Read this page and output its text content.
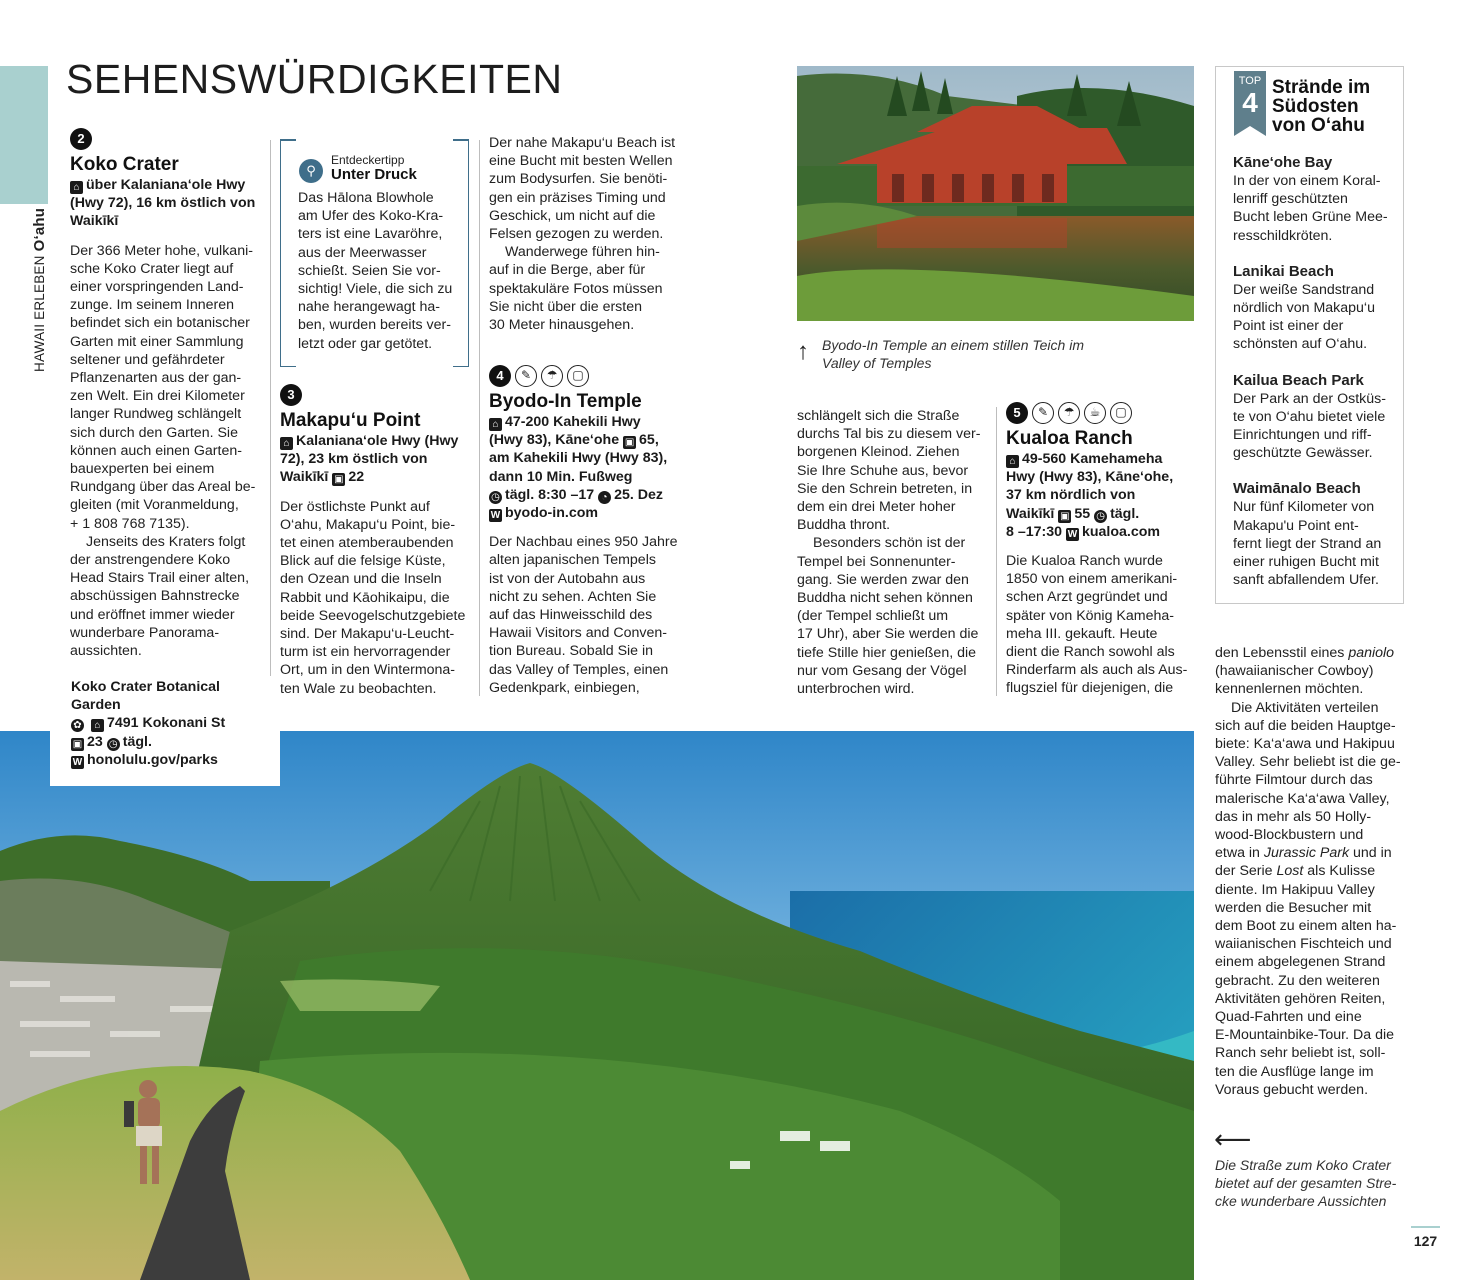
HAWAII ERLEBENO‘ahu
SEHENSWÜRDIGKEITEN
2
Koko Crater
⌂ über Kalaniana‘ole Hwy
(Hwy 72), 16 km östlich von
Waikīkī
Der 366 Meter hohe, vulkani-
sche Koko Crater liegt auf
einer vorspringenden Land-
zunge. Im seinem Inneren
befindet sich ein botanischer
Garten mit einer Sammlung
seltener und gefährdeter
Pflanzenarten aus der gan-
zen Welt. Ein drei Kilometer
langer Rundweg schlängelt
sich durch den Garten. Sie
können auch einen Garten-
bauexperten bei einem
Rundgang über das Areal be-
gleiten (mit Voranmeldung,
+ 1 808 768 7135).
Jenseits des Kraters folgt
der anstrengendere Koko
Head Stairs Trail einer alten,
abschüssigen Bahnstrecke
und eröffnet immer wieder
wunderbare Panorama-
aussichten.
Koko Crater Botanical
Garden
✿ ⌂ 7491 Kokonani St
▣ 23 ◷ tägl.
W honolulu.gov/parks
⚲
Entdeckertipp
Unter Druck
Das Hālona Blowhole
am Ufer des Koko-Kra-
ters ist eine Lavaröhre,
aus der Meerwasser
schießt. Seien Sie vor-
sichtig! Viele, die sich zu
nahe herangewagt ha-
ben, wurden bereits ver-
letzt oder gar getötet.
3
Makapu‘u Point
⌂ Kalaniana‘ole Hwy (Hwy
72), 23 km östlich von
Waikīkī ▣ 22
Der östlichste Punkt auf
O‘ahu, Makapu‘u Point, bie-
tet einen atemberaubenden
Blick auf die felsige Küste,
den Ozean und die Inseln
Rabbit und Kāohikaipu, die
beide Seevogelschutzgebiete
sind. Der Makapu‘u-Leucht-
turm ist ein hervorragender
Ort, um in den Wintermona-
ten Wale zu beobachten.
Der nahe Makapu‘u Beach ist
eine Bucht mit besten Wellen
zum Bodysurfen. Sie benöti-
gen ein präzises Timing und
Geschick, um nicht auf die
Felsen gezogen zu werden.
Wanderwege führen hin-
auf in die Berge, aber für
spektakuläre Fotos müssen
Sie nicht über die ersten
30 Meter hinausgehen.
4	✎	☂	▢
Byodo-In Temple
⌂ 47-200 Kahekili Hwy
(Hwy 83), Kāne‘ohe ▣ 65,
am Kahekili Hwy (Hwy 83),
dann 10 Min. Fußweg
◷ tägl. 8:30 –17 ◔ 25. Dez
W byodo-in.com
Der Nachbau eines 950 Jahre
alten japanischen Tempels
ist von der Autobahn aus
nicht zu sehen. Achten Sie
auf das Hinweisschild des
Hawaii Visitors and Conven-
tion Bureau. Sobald Sie in
das Valley of Temples, einen
Gedenkpark, einbiegen,
↑ Byodo-In Temple an einem stillen Teich im
Valley of Temples
schlängelt sich die Straße
durchs Tal bis zu diesem ver-
borgenen Kleinod. Ziehen
Sie Ihre Schuhe aus, bevor
Sie den Schrein betreten, in
dem ein drei Meter hoher
Buddha thront.
Besonders schön ist der
Tempel bei Sonnenunter-
gang. Sie werden zwar den
Buddha nicht sehen können
(der Tempel schließt um
17 Uhr), aber Sie werden die
tiefe Stille hier genießen, die
nur vom Gesang der Vögel
unterbrochen wird.
5	✎	☂	☕	▢
Kualoa Ranch
⌂ 49-560 Kamehameha
Hwy (Hwy 83), Kāne‘ohe,
37 km nördlich von
Waikīkī ▣ 55 ◷ tägl.
8 –17:30 W kualoa.com
Die Kualoa Ranch wurde
1850 von einem amerikani-
schen Arzt gegründet und
später von König Kameha-
meha III. gekauft. Heute
dient die Ranch sowohl als
Rinderfarm als auch als Aus-
flugsziel für diejenigen, die
TOP
4 Strände im
Südosten
von O‘ahu
Kāne‘ohe Bay
In der von einem Koral-
lenriff geschützten
Bucht leben Grüne Mee-
resschildkröten.
Lanikai Beach
Der weiße Sandstrand
nördlich von Makapu‘u
Point ist einer der
schönsten auf O‘ahu.
Kailua Beach Park
Der Park an der Ostküs-
te von O‘ahu bietet viele
Einrichtungen und riff-
geschützte Gewässer.
Waimānalo Beach
Nur fünf Kilometer von
Makapu'u Point ent-
fernt liegt der Strand an
einer ruhigen Bucht mit
sanft abfallendem Ufer.
den Lebensstil eines paniolo
(hawaiianischer Cowboy)
kennenlernen möchten.
Die Aktivitäten verteilen
sich auf die beiden Hauptge-
biete: Ka‘a‘awa und Hakipuu
Valley. Sehr beliebt ist die ge-
führte Filmtour durch das
malerische Ka‘a‘awa Valley,
das in mehr als 50 Holly-
wood-Blockbustern und
etwa in Jurassic Park und in
der Serie Lost als Kulisse
diente. Im Hakipuu Valley
werden die Besucher mit
dem Boot zu einem alten ha-
waiianischen Fischteich und
einem abgelegenen Strand
gebracht. Zu den weiteren
Aktivitäten gehören Reiten,
Quad-Fahrten und eine
E-Mountainbike-Tour. Da die
Ranch sehr beliebt ist, soll-
ten die Ausflüge lange im
Voraus gebucht werden.
⟵
Die Straße zum Koko Crater
bietet auf der gesamten Stre-
cke wunderbare Aussichten
127
